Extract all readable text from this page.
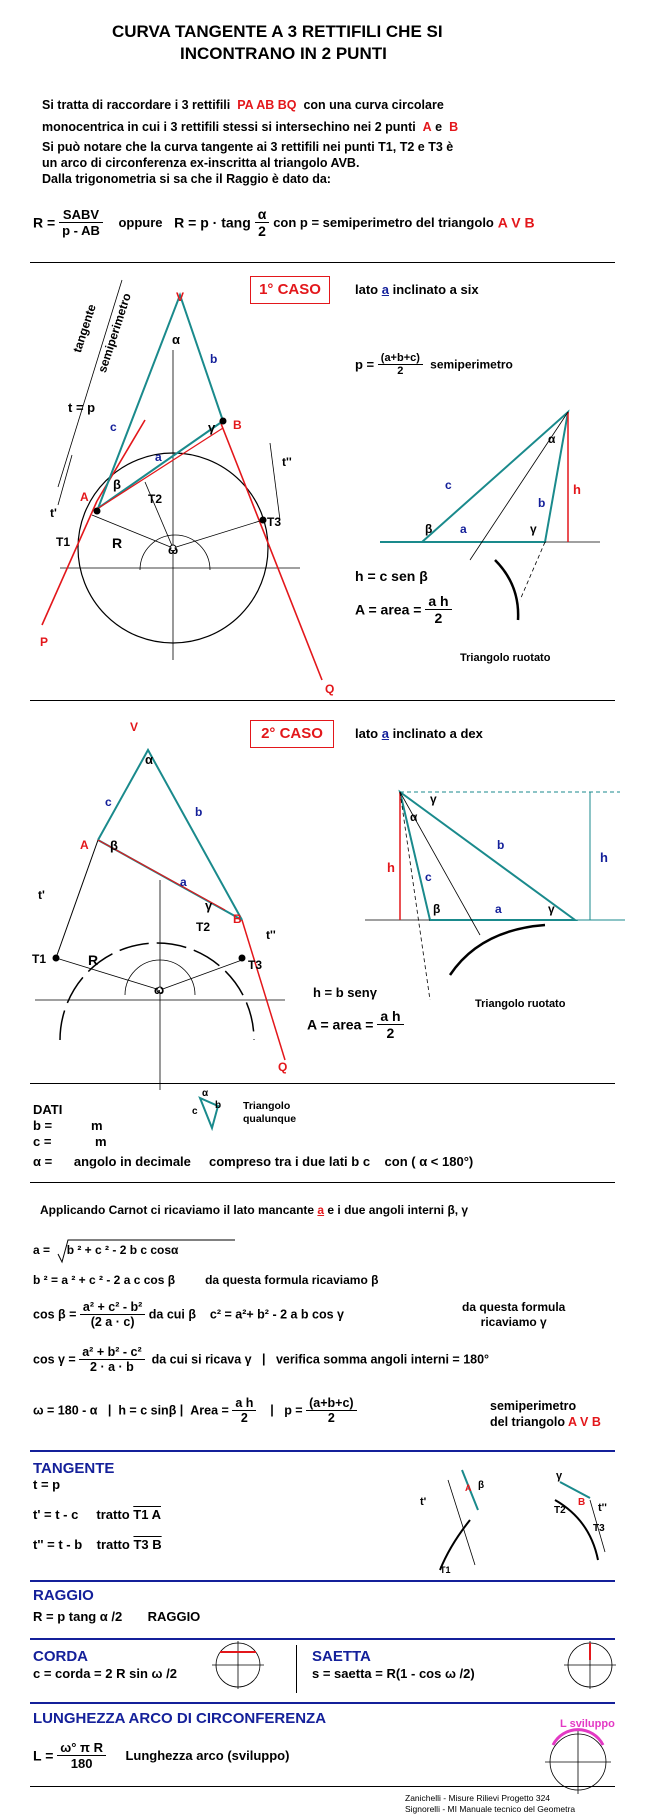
CURVA TANGENTE A 3 RETTIFILI CHE SI
INCONTRANO IN 2 PUNTI
Si tratta di raccordare i 3 rettifili PA AB BQ con una curva circolare
monocentrica in cui i 3 rettifili stessi si intersechino nei 2 punti A e B
Si può notare che la curva tangente ai 3 rettifili nei punti T1, T2 e T3 è
un arco di circonferenza ex-inscritta al triangolo AVB.
Dalla trigonometria si sa che il Raggio è dato da:
$R = \frac{\text{SABV}}{p - AB}$ oppure R = p · tang $\frac{\alpha}{2}$ con p = semiperimetro del triangolo A V B
1° CASO	lato a inclinato a six
V
tangente
semiperimetro
t = p
c
b
a
α
γ
β
B
A	T2
t'
t''
T3
T1	R	ω
P
Q
$p = \frac{(a+b+c)}{2}$ semiperimetro
c
a
b
h
α
β	γ
h = c sen β
A = area = $\frac{\text{a h}}{2}$
Triangolo ruotato
2° CASO	lato a inclinato a dex
V
α
c
b
A β
a
γ
t'
T2
B
t''
T1	R	T3
ω
Q
γ
α
b
c
h
h
β	a	γ
h = b senγ
A = area = $\frac{\text{a h}}{2}$
Triangolo ruotato
DATI
b =	m
c =	m
α = angolo in decimale compreso tra i due lati b c con ( α < 180°)
α
c
b Triangolo
qualunque
Applicando Carnot ci ricaviamo il lato mancante a e i due angoli interni β, γ
a = b ² + c ² - 2 b c cosα
b ² = a ² + c ² - 2 a c cos β	da questa formula ricaviamo β
$\cos \beta = \frac{\text{a² + c² - b²}}{(2 a \cdot c)}$ da cui β c² = a²+ b² - 2 a b cos γ
da questa formula
ricaviamo γ
$\cos \gamma = \frac{\text{a² + b² - c²}}{2 \cdot a \cdot b}$ da cui si ricava γ   |   verifica somma angoli interni = 180°
ω = 180 - α   |  h = c sinβ |  Area = $\frac{\text{a h}}{2}$ |   $p = \frac{(a+b+c)}{2}$	semiperimetro
del triangolo A V B
TANGENTE
t = p
t' = t - c tratto T1 A
t'' = t - b tratto T3 B
t'
A β
T1
γ
T2
B t''
T3
RAGGIO
R = p tang α /2 RAGGIO
CORDA
c = corda = 2 R sin ω /2
SAETTA
s = saetta = R(1 - cos ω /2)
LUNGHEZZA ARCO DI CIRCONFERENZA
$L = \frac{\text{ω° π R}}{180}$ Lunghezza arco (sviluppo)
L sviluppo
Zanichelli - Misure Rilievi Progetto 324
Signorelli - MI Manuale tecnico del Geometra
